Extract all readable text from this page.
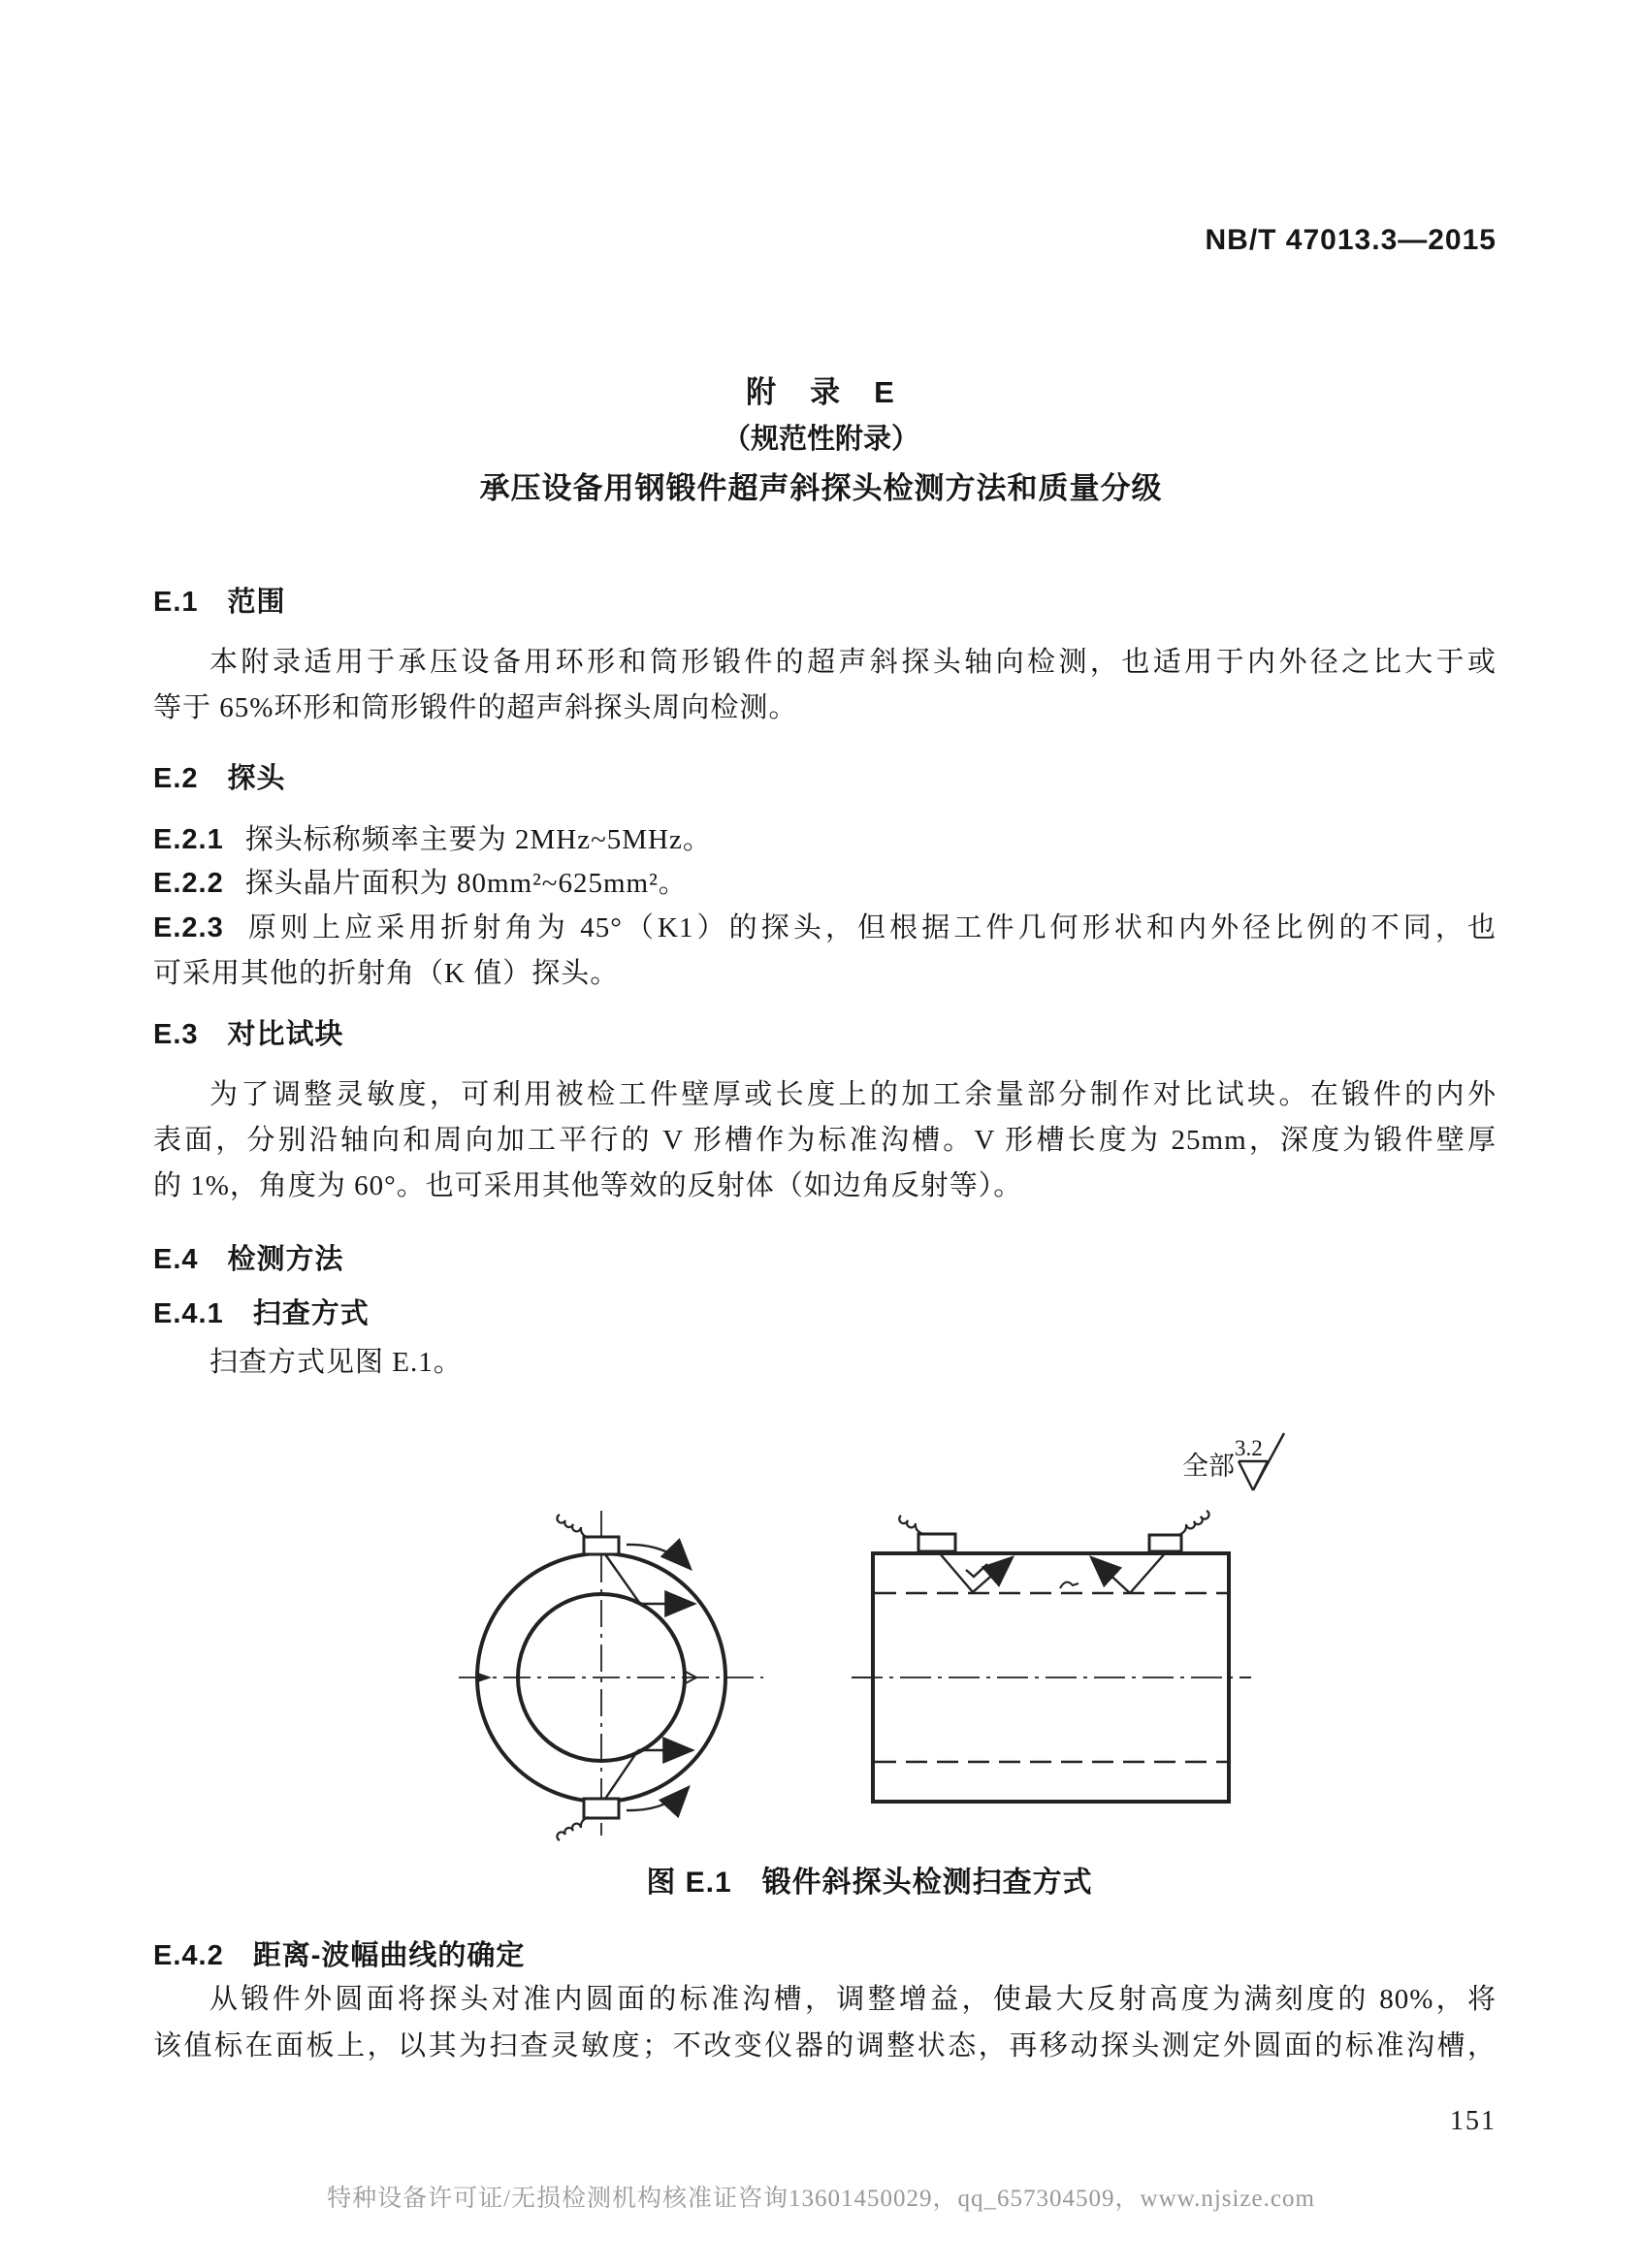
NB/T 47013.3—2015
附　录　E
（规范性附录）
承压设备用钢锻件超声斜探头检测方法和质量分级
E.1　范围
本附录适用于承压设备用环形和筒形锻件的超声斜探头轴向检测，也适用于内外径之比大于或
等于 65%环形和筒形锻件的超声斜探头周向检测。
E.2　探头
E.2.1 探头标称频率主要为 2MHz~5MHz。
E.2.2 探头晶片面积为 80mm²~625mm²。
E.2.3 原则上应采用折射角为 45°（K1）的探头，但根据工件几何形状和内外径比例的不同，也
可采用其他的折射角（K 值）探头。
E.3　对比试块
为了调整灵敏度，可利用被检工件壁厚或长度上的加工余量部分制作对比试块。在锻件的内外
表面，分别沿轴向和周向加工平行的 V 形槽作为标准沟槽。V 形槽长度为 25mm，深度为锻件壁厚
的 1%，角度为 60°。也可采用其他等效的反射体（如边角反射等）。
E.4　检测方法
E.4.1　扫查方式
扫查方式见图 E.1。
全部
3.2
图 E.1　锻件斜探头检测扫查方式
E.4.2　距离-波幅曲线的确定
从锻件外圆面将探头对准内圆面的标准沟槽，调整增益，使最大反射高度为满刻度的 80%，将
该值标在面板上，以其为扫查灵敏度；不改变仪器的调整状态，再移动探头测定外圆面的标准沟槽，
151
特种设备许可证/无损检测机构核准证咨询13601450029，qq_657304509，www.njsize.com
